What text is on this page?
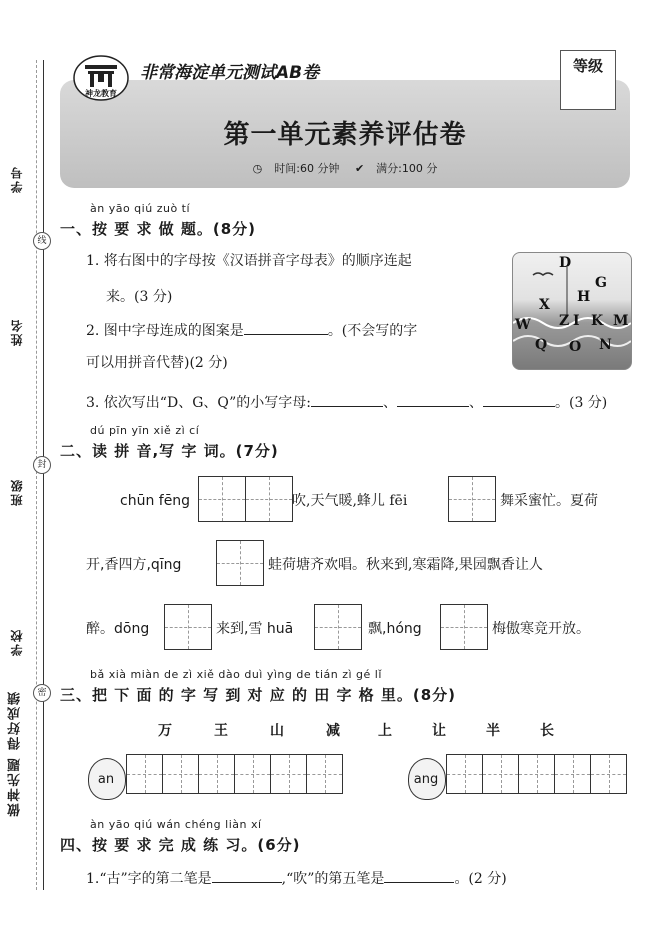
学号
姓名
班级
学校
线
封
密
做神先题 得好成绩
神龙教育
非常海淀单元测试AB卷	等级
第一单元素养评估卷
◷ 时间:60 分钟 ✔ 满分:100 分
àn yāo qiú zuò tí
一、按 要 求 做 题。(8分)
1. 将右图中的字母按《汉语拼音字母表》的顺序连起
来。(3 分)
2. 图中字母连成的图案是	。(不会写的字
可以用拼音代替)(2 分)
3. 依次写出“D、G、Q”的小写字母:	、	、	。(3 分)
D
H
G
X
W Z I K M
Q O N
dú pīn yīn xiě zì cí
二、读 拼 音,写 字 词。(7分)
chūn fēng	吹,天气暖,蜂儿 fēi	舞采蜜忙。夏荷
开,香四方,qīng	蛙荷塘齐欢唱。秋来到,寒霜降,果园飘香让人
醉。dōng	来到,雪 huā	飘,hóng	梅傲寒竞开放。
bǎ xià miàn de zì xiě dào duì yìng de tián zì gé lǐ
三、把 下 面 的 字 写 到 对 应 的 田 字 格 里。(8分)
万	王	山	减	上	让	半	长
an	ang
àn yāo qiú wán chéng liàn xí
四、按 要 求 完 成 练 习。(6分)
1.“古”字的第二笔是	,“吹”的第五笔是	。(2 分)
